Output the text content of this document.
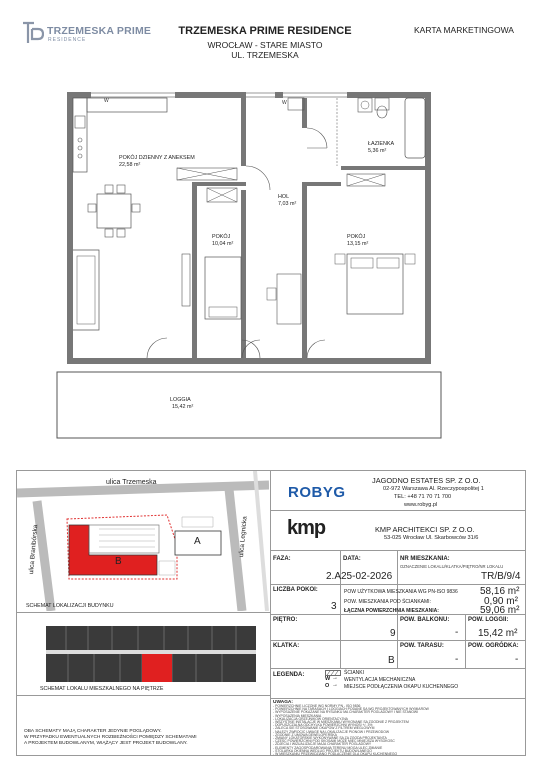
TRZEMESKA PRIME
RESIDENCE
TRZEMESKA PRIME RESIDENCE
WROCŁAW - STARE MIASTO
UL. TRZEMESKA
KARTA MARKETINGOWA
W	W
POKÓJ DZIENNY Z ANEKSEM
22,58 m²
HOL
7,03 m²
POKÓJ
10,04 m²
POKÓJ
13,15 m²
ŁAZIENKA
5,36 m²
LOGGIA
15,42 m²
ulica Trzemeska
ulica Branibórska	ulica Legnicka
B
A
SCHEMAT LOKALIZACJI BUDYNKU
SCHEMAT LOKALU MIESZKALNEGO NA PIĘTRZE
OBA SCHEMATY MAJĄ CHARAKTER JEDYNIE POGLĄDOWY.
W PRZYPADKU EWENTUALNYCH ROZBIEŻNOŚCI POMIĘDZY SCHEMATAMI
A PROJEKTEM BUDOWLANYM, WIĄŻĄCY JEST PROJEKT BUDOWLANY.
ROBYG
JAGODNO ESTATES SP. Z O.O.
02-972 Warszawa Al. Rzeczypospolitej 1
TEL: +48 71 70 71 700
www.robyg.pl
kmp	KMP ARCHITEKCI SP. Z O.O.
53-025 Wrocław Ul. Skarbowców 31/6
FAZA:
2.A
DATA:
25-02-2026
NR MIESZKANIA:
OZNACZENIE LOKALU/KLATKA/PIĘTRO/NR LOKALU
TR/B/9/4
LICZBA POKOI:
3
POW UŻYTKOWA MIESZKANIA WG PN-ISO 9836 58,16 m²
POW. MIESZKANIA POD ŚCIANKAMI:	0,90 m²
ŁĄCZNA POWIERZCHNIA MIESZKANIA:	59,06 m²
PIĘTRO:
9
POW. BALKONU:
-
POW. LOGGII:
15,42 m²
KLATKA:
B
POW. TARASU:
-
POW. OGRÓDKA:
-
LEGENDA:	ŚCIANKI
W → WENTYLACJA MECHANICZNA
O → MIEJSCE PODŁĄCZENIA OKAPU KUCHENNEGO
UWAGA:
- POWIERZCHNIE LICZONE WG NORMY PN - ISO 9836
- POWIERZCHNIE NA TARASACH I LOGGIACH PODANE SA WG PROJEKTOWANYCH WYMIAROW
- WYPOSAZENIE POKAZANE NA RYSUNKU MA CHARAKTER POGLADOWY I NIE STANOWI
- WYPOSAZENIA MIESZKANIA
- LOKALIZACJA GRZEJNIKOW ORIENTACYJNA
- WSZYSTKIE INSTALACJE W MIESZKANIU WYKONANE SA ZGODNIE Z PROJEKTEM
- DOPUSZCZALNA ODCHYLKA POWIERZCHNI WYNOSI +/- 3%
- ZALECA SIE STOSOWANIE OKAPOW Z FILTREM WEGLOWYM
- NALEZY ZWROCIC UWAGE NA LOKALIZACJE PIONOW I PRZEWODOW
- ZGODNIE Z UMOWA DEWELOPERSKA
- ZMIANY LOKATORSKIE WYKONYWANE SA ZA ZGODA PROJEKTANTA
- CZESC POWIERZCHNI POD SKOSAMI MOZE MIEC MNIEJSZA WYSOKOSC
- ZDJECIA I WIZUALIZACJE MAJA CHARAKTER POGLADOWY
- ELEMENTY ZAGOSPODAROWANIA TERENU MOGA ULEC ZMIANIE
- STOLARKA OKIENNA WEDLUG PROJEKTU BUDOWLANEGO
- W MIESZKANIU PRZEWIDZIANO PODLACZENIE DLA OKAPU KUCHENNEGO
